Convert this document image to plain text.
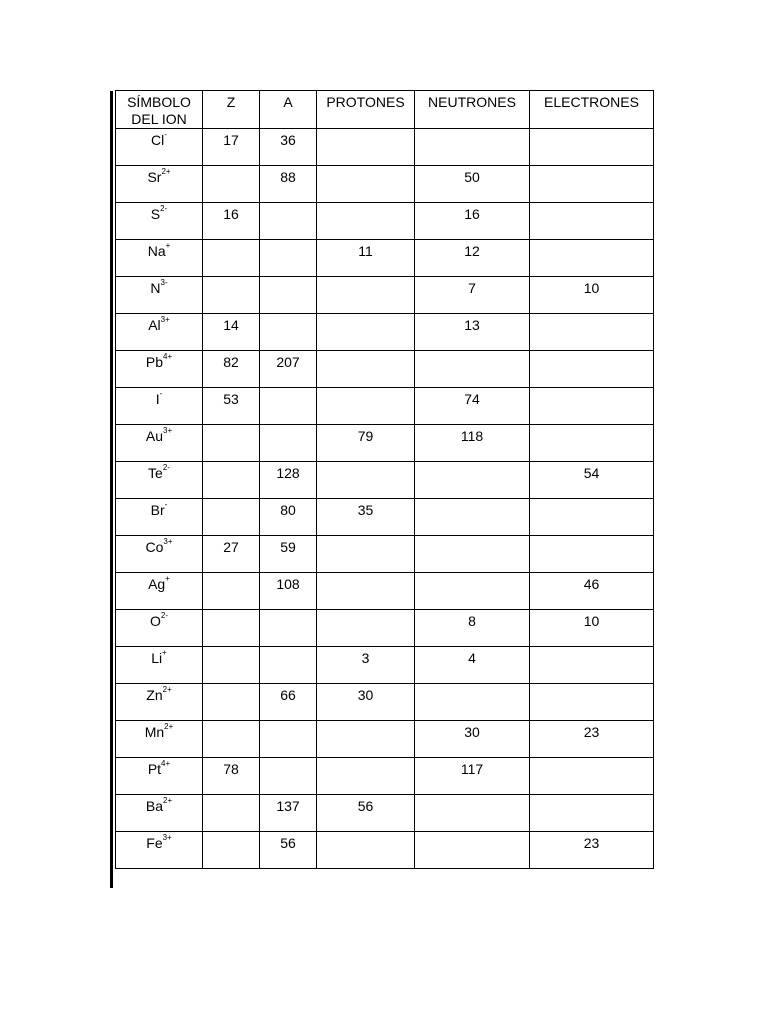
SÍMBOLO DEL ION	Z	A	PROTONES	NEUTRONES	ELECTRONES
Cl-	17	36			
$Sr^{2+}$		88		50	
$S^{2-}$	16			16	
Na+			11	12	
$N^{3-}$				7	10
$Al^{3+}$	14			13	
$Pb^{4+}$	82	207			
I-	53			74	
$Au^{3+}$			79	118	
$Te^{2-}$		128			54
Br-		80	35		
$Co^{3+}$	27	59			
Ag+		108			46
$O^{2-}$				8	10
Li+			3	4	
$Zn^{2+}$		66	30		
$Mn^{2+}$				30	23
$Pt^{4+}$	78			117	
$Ba^{2+}$		137	56		
$Fe^{3+}$		56			23
